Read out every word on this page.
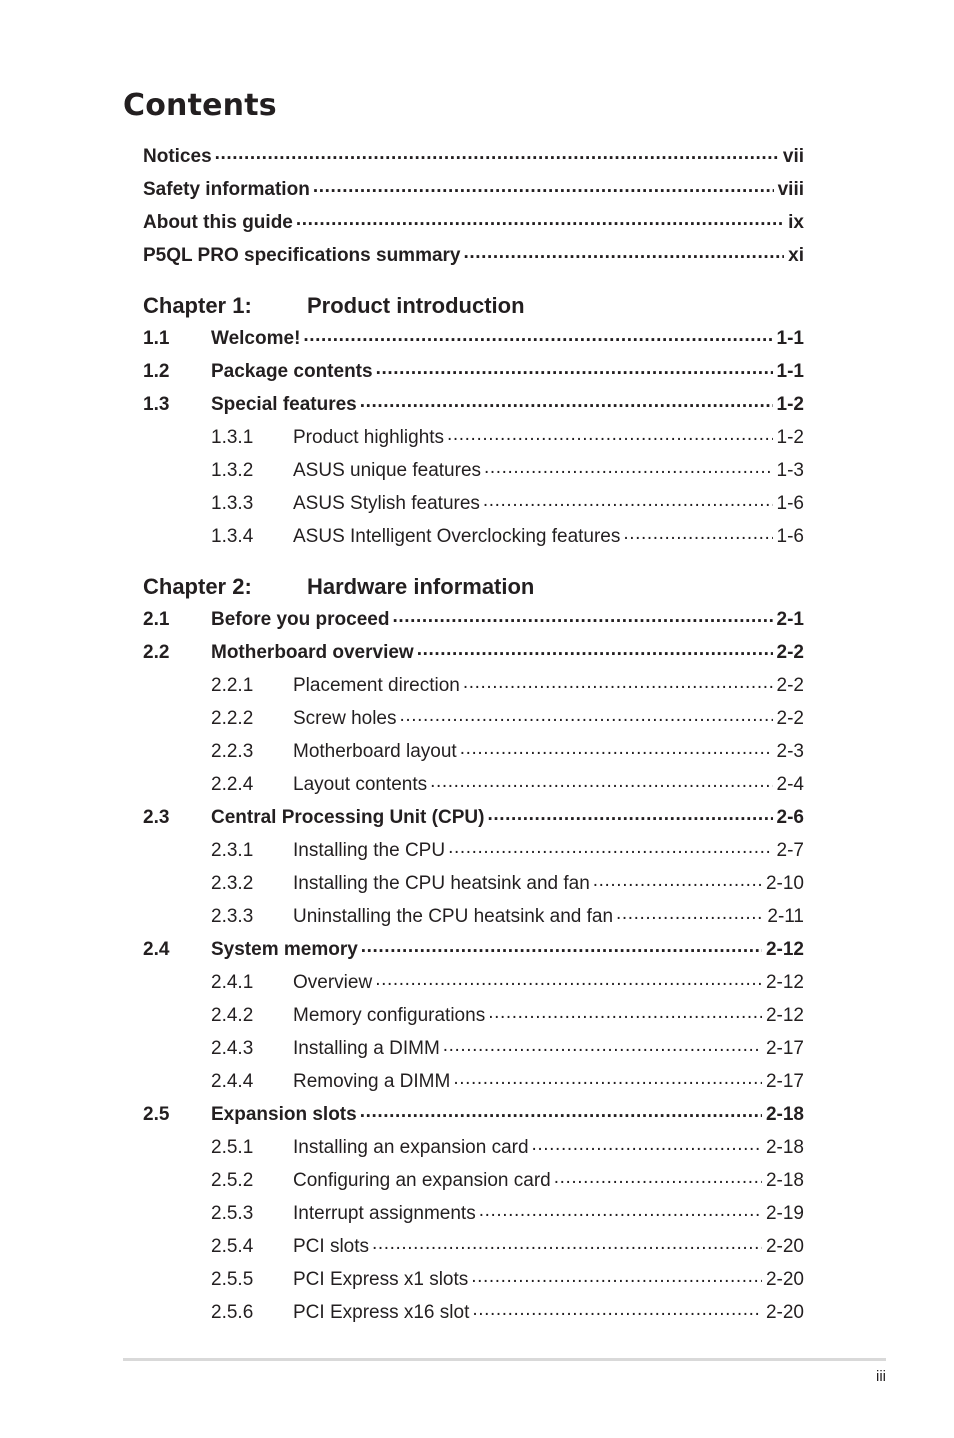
Contents
Notices .....	vii
Safety information .....	viii
About this guide .....	ix
P5QL PRO specifications summary .....	xi
Chapter 1:	Product introduction
1.1	Welcome! .....	1-1
1.2	Package contents .....	1-1
1.3	Special features .....	1-2
1.3.1	Product highlights .....	1-2
1.3.2	ASUS unique features .....	1-3
1.3.3	ASUS Stylish features .....	1-6
1.3.4	ASUS Intelligent Overclocking features .....	1-6
Chapter 2:	Hardware information
2.1	Before you proceed .....	2-1
2.2	Motherboard overview .....	2-2
2.2.1	Placement direction .....	2-2
2.2.2	Screw holes .....	2-2
2.2.3	Motherboard layout .....	2-3
2.2.4	Layout contents .....	2-4
2.3	Central Processing Unit (CPU) .....	2-6
2.3.1	Installing the CPU .....	2-7
2.3.2	Installing the CPU heatsink and fan .....	2-10
2.3.3	Uninstalling the CPU heatsink and fan .....	2-11
2.4	System memory .....	2-12
2.4.1	Overview .....	2-12
2.4.2	Memory configurations .....	2-12
2.4.3	Installing a DIMM .....	2-17
2.4.4	Removing a DIMM .....	2-17
2.5	Expansion slots .....	2-18
2.5.1	Installing an expansion card .....	2-18
2.5.2	Configuring an expansion card .....	2-18
2.5.3	Interrupt assignments .....	2-19
2.5.4	PCI slots .....	2-20
2.5.5	PCI Express x1 slots .....	2-20
2.5.6	PCI Express x16 slot .....	2-20
iii
